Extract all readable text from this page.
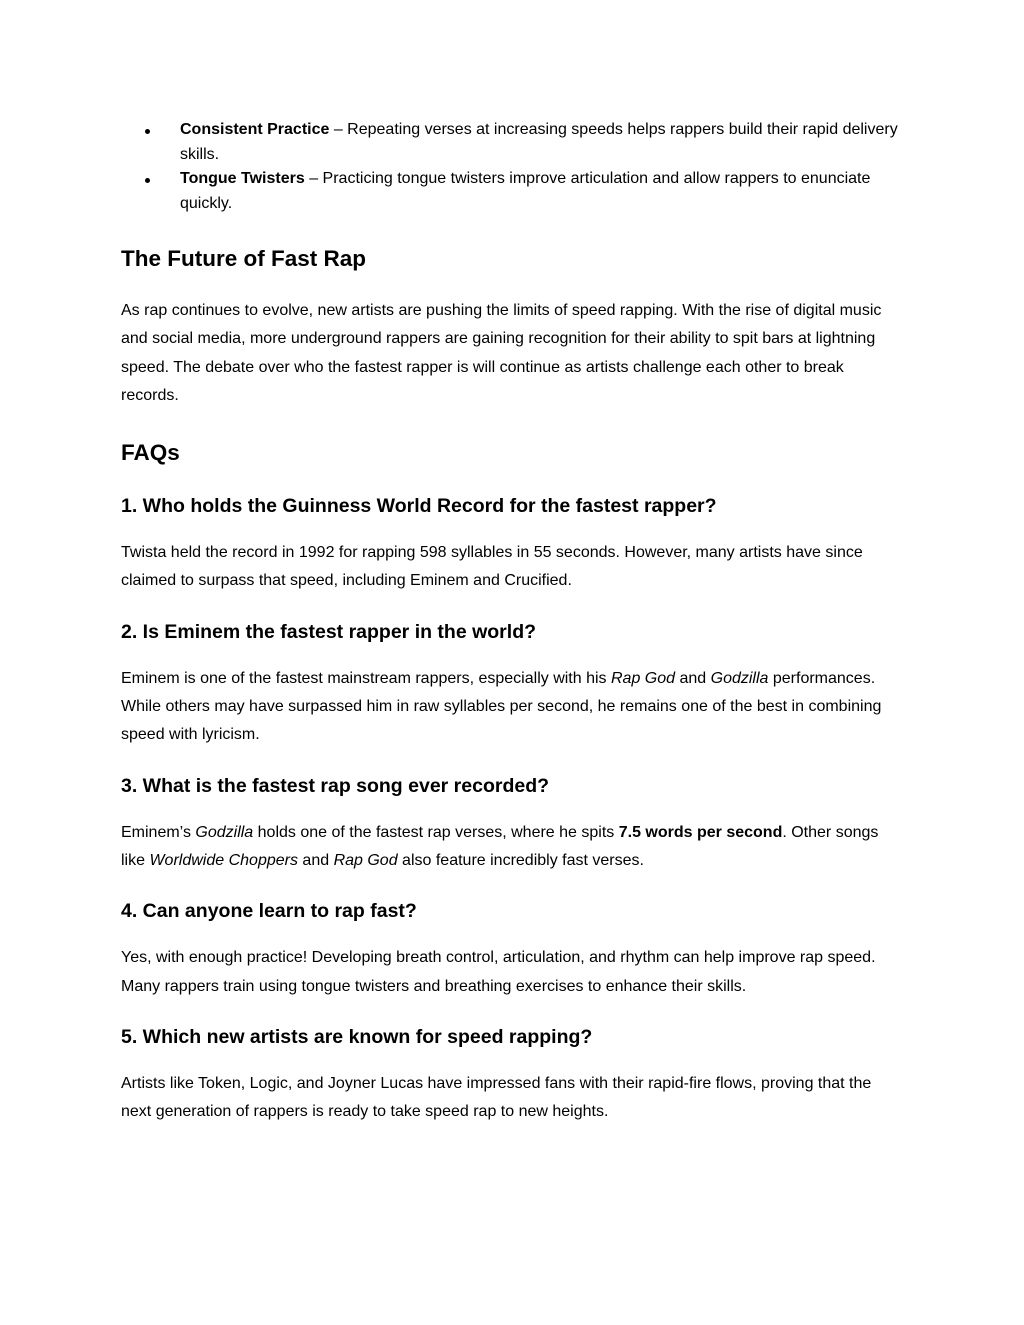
Consistent Practice – Repeating verses at increasing speeds helps rappers build their rapid delivery skills.
Tongue Twisters – Practicing tongue twisters improve articulation and allow rappers to enunciate quickly.
The Future of Fast Rap

As rap continues to evolve, new artists are pushing the limits of speed rapping. With the rise of digital music and social media, more underground rappers are gaining recognition for their ability to spit bars at lightning speed. The debate over who the fastest rapper is will continue as artists challenge each other to break records.

FAQs
1. Who holds the Guinness World Record for the fastest rapper?

Twista held the record in 1992 for rapping 598 syllables in 55 seconds. However, many artists have since claimed to surpass that speed, including Eminem and Crucified.

2. Is Eminem the fastest rapper in the world?

Eminem is one of the fastest mainstream rappers, especially with his Rap God and Godzilla performances. While others may have surpassed him in raw syllables per second, he remains one of the best in combining speed with lyricism.

3. What is the fastest rap song ever recorded?

Eminem’s Godzilla holds one of the fastest rap verses, where he spits 7.5 words per second. Other songs like Worldwide Choppers and Rap God also feature incredibly fast verses.

4. Can anyone learn to rap fast?

Yes, with enough practice! Developing breath control, articulation, and rhythm can help improve rap speed. Many rappers train using tongue twisters and breathing exercises to enhance their skills.

5. Which new artists are known for speed rapping?

Artists like Token, Logic, and Joyner Lucas have impressed fans with their rapid-fire flows, proving that the next generation of rappers is ready to take speed rap to new heights.
